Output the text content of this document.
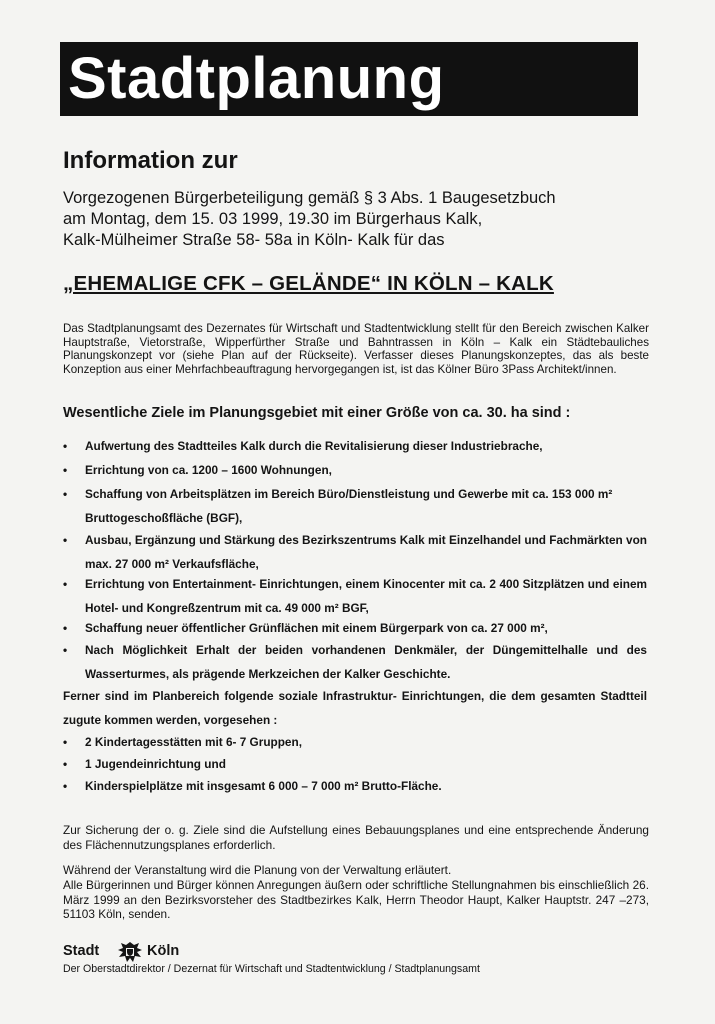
Stadtplanung
Information zur
Vorgezogenen Bürgerbeteiligung gemäß § 3 Abs. 1 Baugesetzbuch
am Montag, dem 15. 03 1999, 19.30 im Bürgerhaus Kalk,
Kalk-Mülheimer Straße 58- 58a in Köln- Kalk für das
„EHEMALIGE CFK – GELÄNDE“ IN KÖLN – KALK
Das Stadtplanungsamt des Dezernates für Wirtschaft und Stadtentwicklung stellt für den Bereich zwischen Kalker Hauptstraße, Vietorstraße, Wipperfürther Straße und Bahntrassen in Köln – Kalk ein Städtebauliches Planungskonzept vor (siehe Plan auf der Rückseite). Verfasser dieses Planungskonzeptes, das als beste Konzeption aus einer Mehrfachbeauftragung hervorgegangen ist, ist das Kölner Büro 3Pass Architekt/innen.
Wesentliche Ziele im Planungsgebiet mit einer Größe von ca. 30. ha sind :
• Aufwertung des Stadtteiles Kalk durch die Revitalisierung dieser Industriebrache,
• Errichtung von ca. 1200 – 1600 Wohnungen,
• Schaffung von Arbeitsplätzen im Bereich Büro/Dienstleistung und Gewerbe mit ca. 153 000 m² Bruttogeschoßfläche (BGF),
• Ausbau, Ergänzung und Stärkung des Bezirkszentrums Kalk mit Einzelhandel und Fachmärkten von max. 27 000 m² Verkaufsfläche,
• Errichtung von Entertainment- Einrichtungen, einem Kinocenter mit ca. 2 400 Sitzplätzen und einem Hotel- und Kongreßzentrum mit ca. 49 000 m² BGF,
• Schaffung neuer öffentlicher Grünflächen mit einem Bürgerpark von ca. 27 000 m²,
• Nach Möglichkeit Erhalt der beiden vorhandenen Denkmäler, der Düngemittelhalle und des Wasserturmes, als prägende Merkzeichen der Kalker Geschichte.
Ferner sind im Planbereich folgende soziale Infrastruktur- Einrichtungen, die dem gesamten Stadtteil zugute kommen werden, vorgesehen :
• 2 Kindertagesstätten mit 6- 7 Gruppen,
• 1 Jugendeinrichtung und
• Kinderspielplätze mit insgesamt 6 000 – 7 000 m² Brutto-Fläche.
Zur Sicherung der o. g. Ziele sind die Aufstellung eines Bebauungsplanes und eine entsprechende Änderung des Flächennutzungsplanes erforderlich.
Während der Veranstaltung wird die Planung von der Verwaltung erläutert.
Alle Bürgerinnen und Bürger können Anregungen äußern oder schriftliche Stellungnahmen bis einschließlich 26. März 1999 an den Bezirksvorsteher des Stadtbezirkes Kalk, Herrn Theodor Haupt, Kalker Hauptstr. 247 –273, 51103 Köln, senden.
Stadt	Köln
Der Oberstadtdirektor / Dezernat für Wirtschaft und Stadtentwicklung / Stadtplanungsamt
